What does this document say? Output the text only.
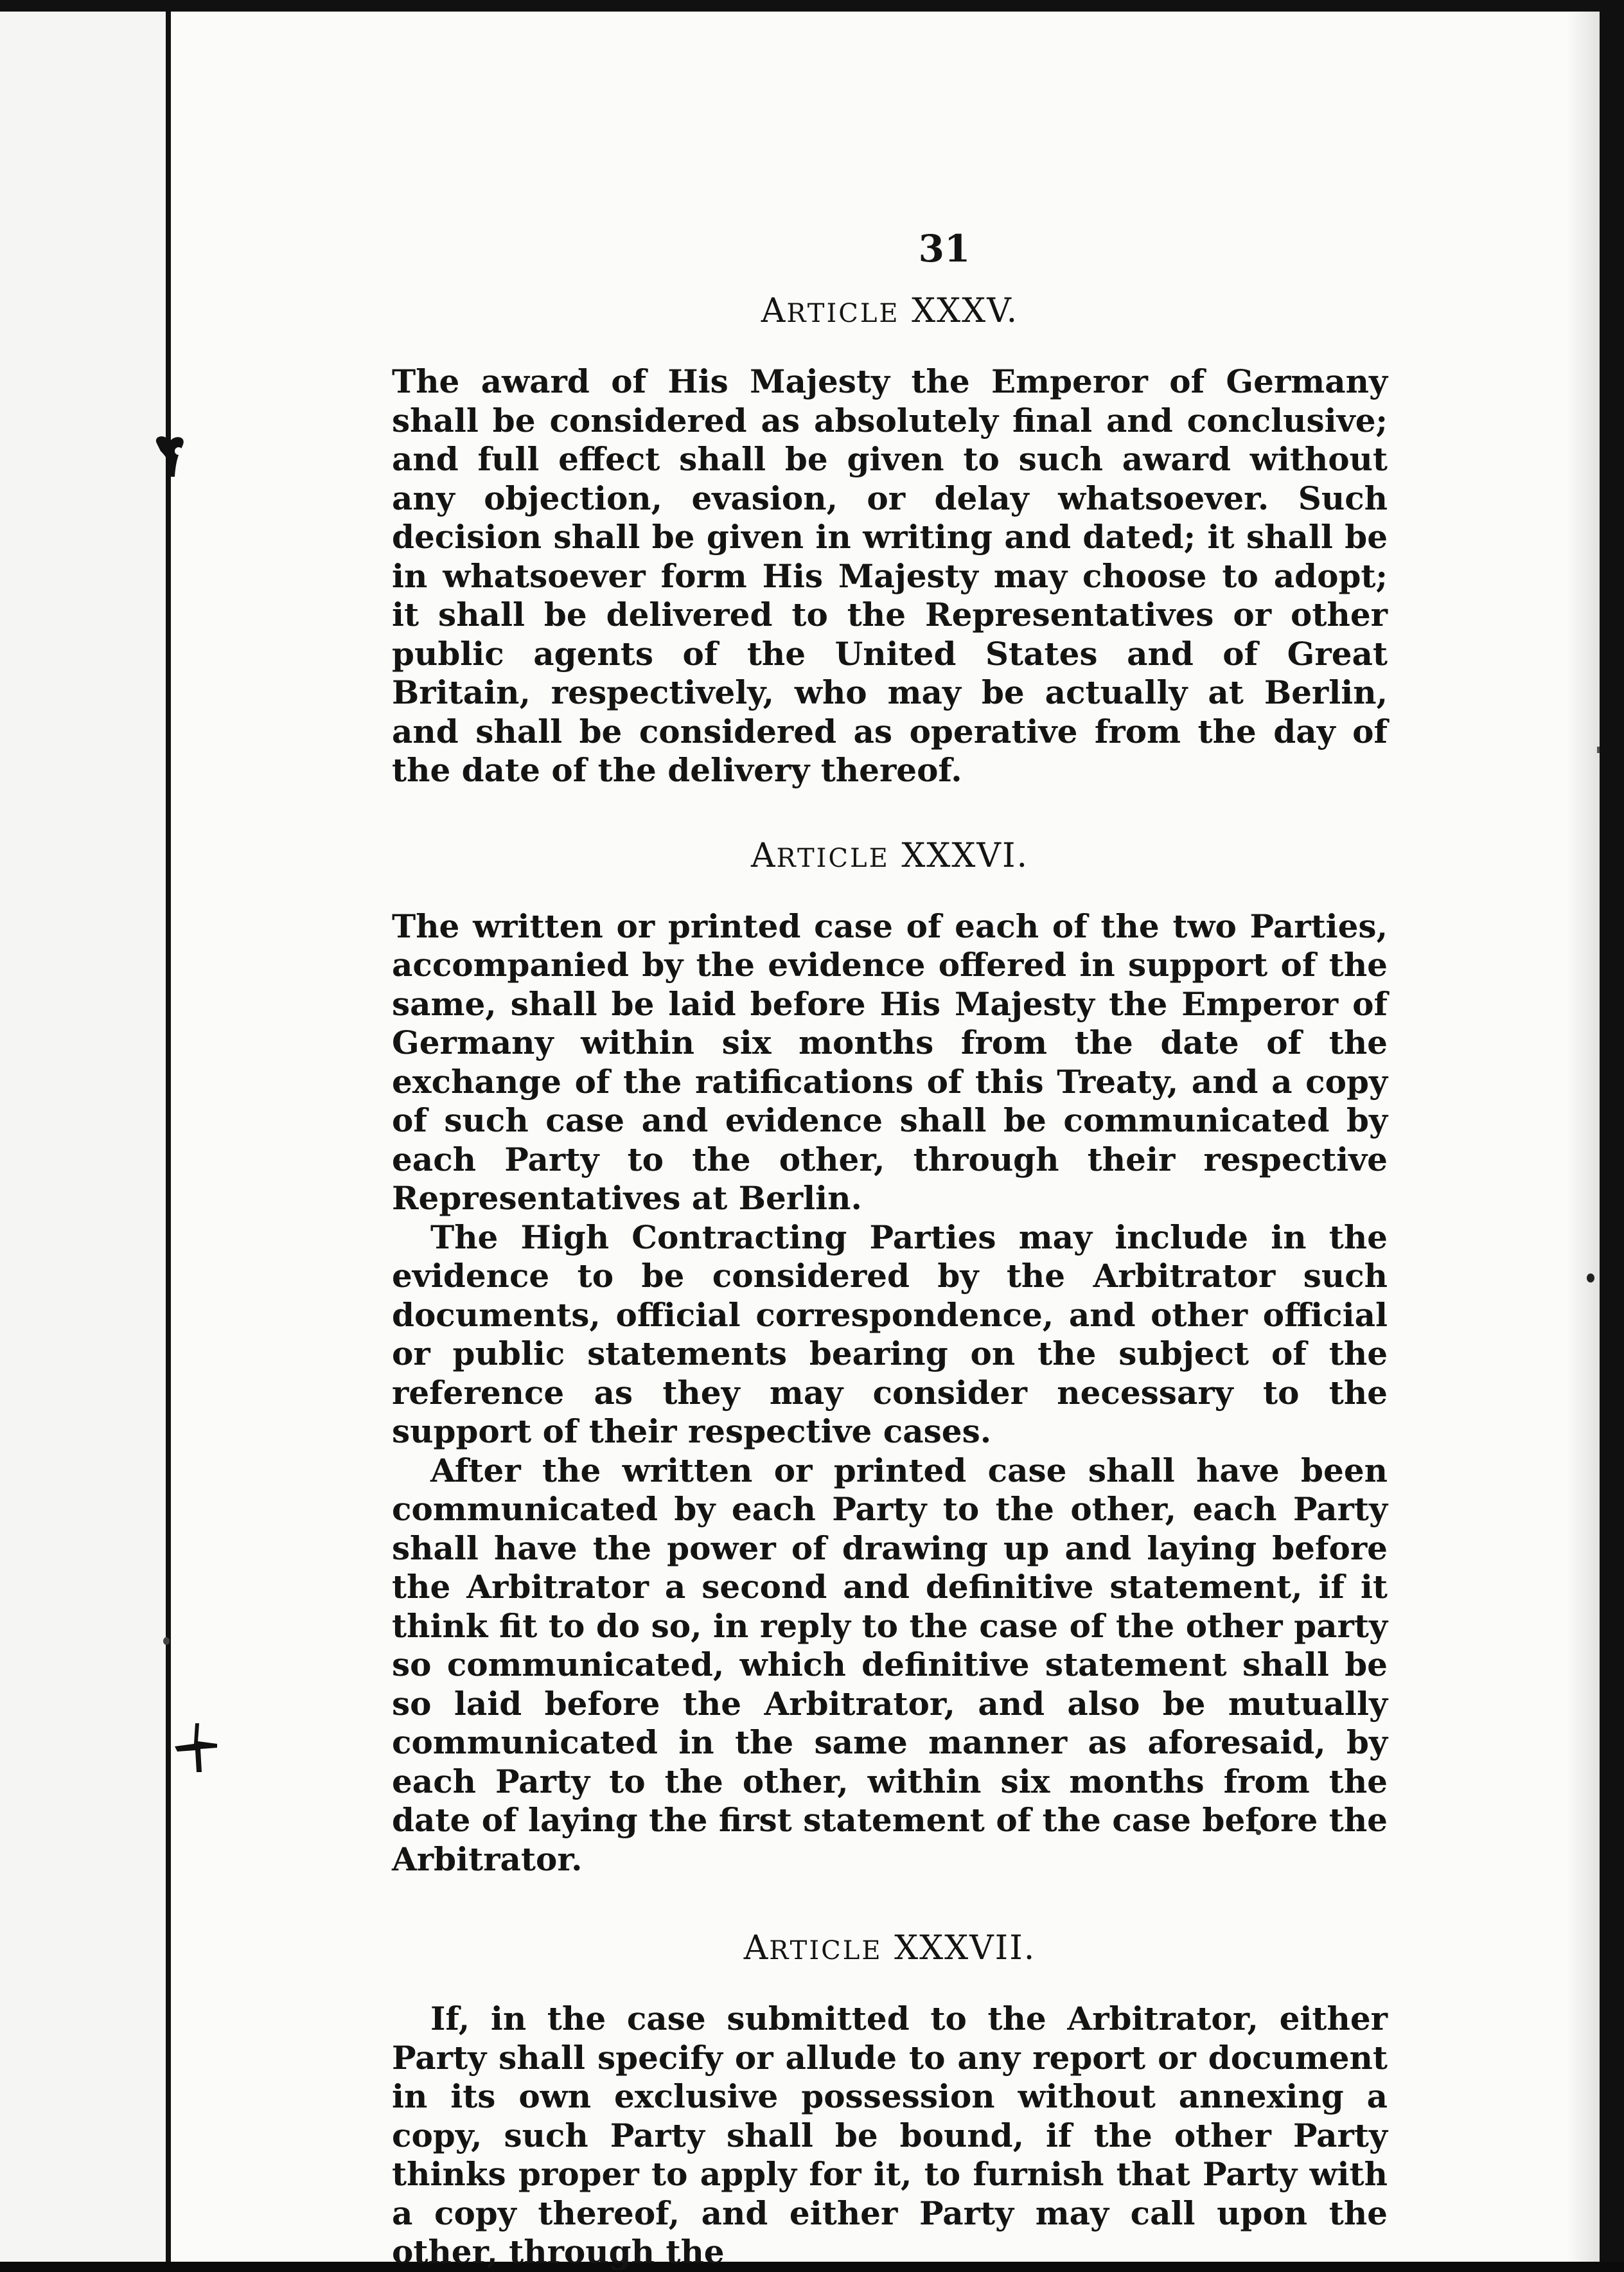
31

ARTICLE XXXV.

The award of His Majesty the Emperor of Germany shall be considered as absolutely final and conclusive; and full effect shall be given to such award without any objection, evasion, or delay whatsoever. Such decision shall be given in writing and dated; it shall be in whatsoever form His Majesty may choose to adopt; it shall be delivered to the Representatives or other public agents of the United States and of Great Britain, respectively, who may be actually at Berlin, and shall be considered as operative from the day of the date of the delivery thereof.

ARTICLE XXXVI.

The written or printed case of each of the two Parties, accompanied by the evidence offered in support of the same, shall be laid before His Majesty the Emperor of Germany within six months from the date of the exchange of the ratifications of this Treaty, and a copy of such case and evidence shall be communicated by each Party to the other, through their respective Representatives at Berlin.

The High Contracting Parties may include in the evidence to be considered by the Arbitrator such documents, official correspondence, and other official or public statements bearing on the subject of the reference as they may consider necessary to the support of their respective cases.

After the written or printed case shall have been communicated by each Party to the other, each Party shall have the power of drawing up and laying before the Arbitrator a second and definitive statement, if it think fit to do so, in reply to the case of the other party so communicated, which definitive statement shall be so laid before the Arbitrator, and also be mutually communicated in the same manner as aforesaid, by each Party to the other, within six months from the date of laying the first statement of the case before the Arbitrator.

ARTICLE XXXVII.

If, in the case submitted to the Arbitrator, either Party shall specify or allude to any report or document in its own exclusive possession without annexing a copy, such Party shall be bound, if the other Party thinks proper to apply for it, to furnish that Party with a copy thereof, and either Party may call upon the other, through the
